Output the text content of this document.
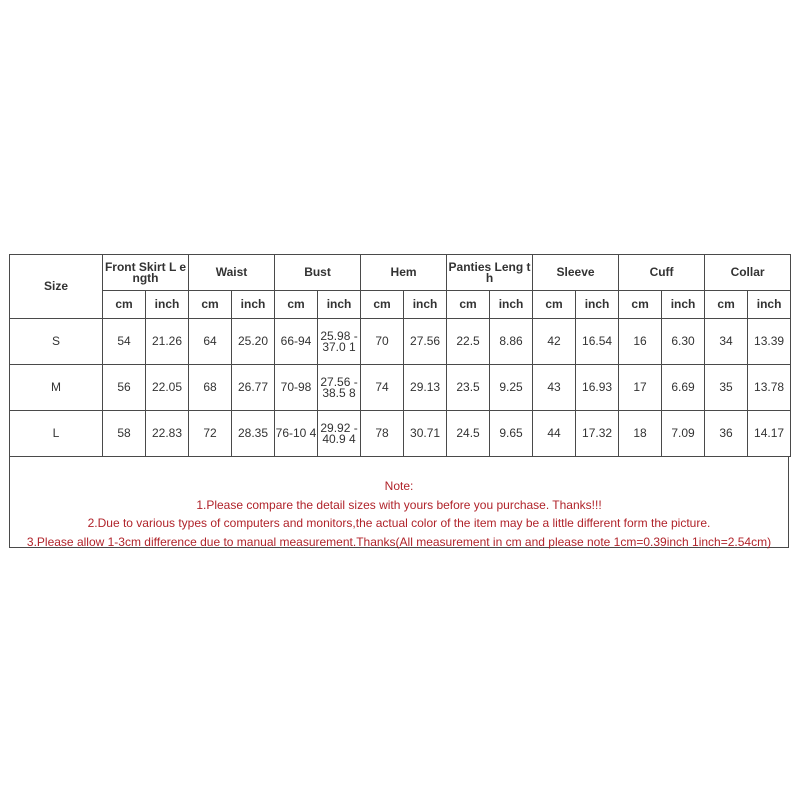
Size	Front Skirt L ength		Waist		Bust		Hem		Panties Leng th		Sleeve		Cuff		Collar	
	cm	inch	cm	inch	cm	inch	cm	inch	cm	inch	cm	inch	cm	inch	cm	inch
S	54	21.26	64	25.20	66-94	25.98 -37.0 1	70	27.56	22.5	8.86	42	16.54	16	6.30	34	13.39
M	56	22.05	68	26.77	70-98	27.56 -38.5 8	74	29.13	23.5	9.25	43	16.93	17	6.69	35	13.78
L	58	22.83	72	28.35	76-10 4	29.92 -40.9 4	78	30.71	24.5	9.65	44	17.32	18	7.09	36	14.17
Note:
1.Please compare the detail sizes with yours before you purchase. Thanks!!!
2.Due to various types of computers and monitors,the actual color of the item may be a little different form the picture.
3.Please allow 1-3cm difference due to manual measurement.Thanks(All measurement in cm and please note 1cm=0.39inch 1inch=2.54cm)
